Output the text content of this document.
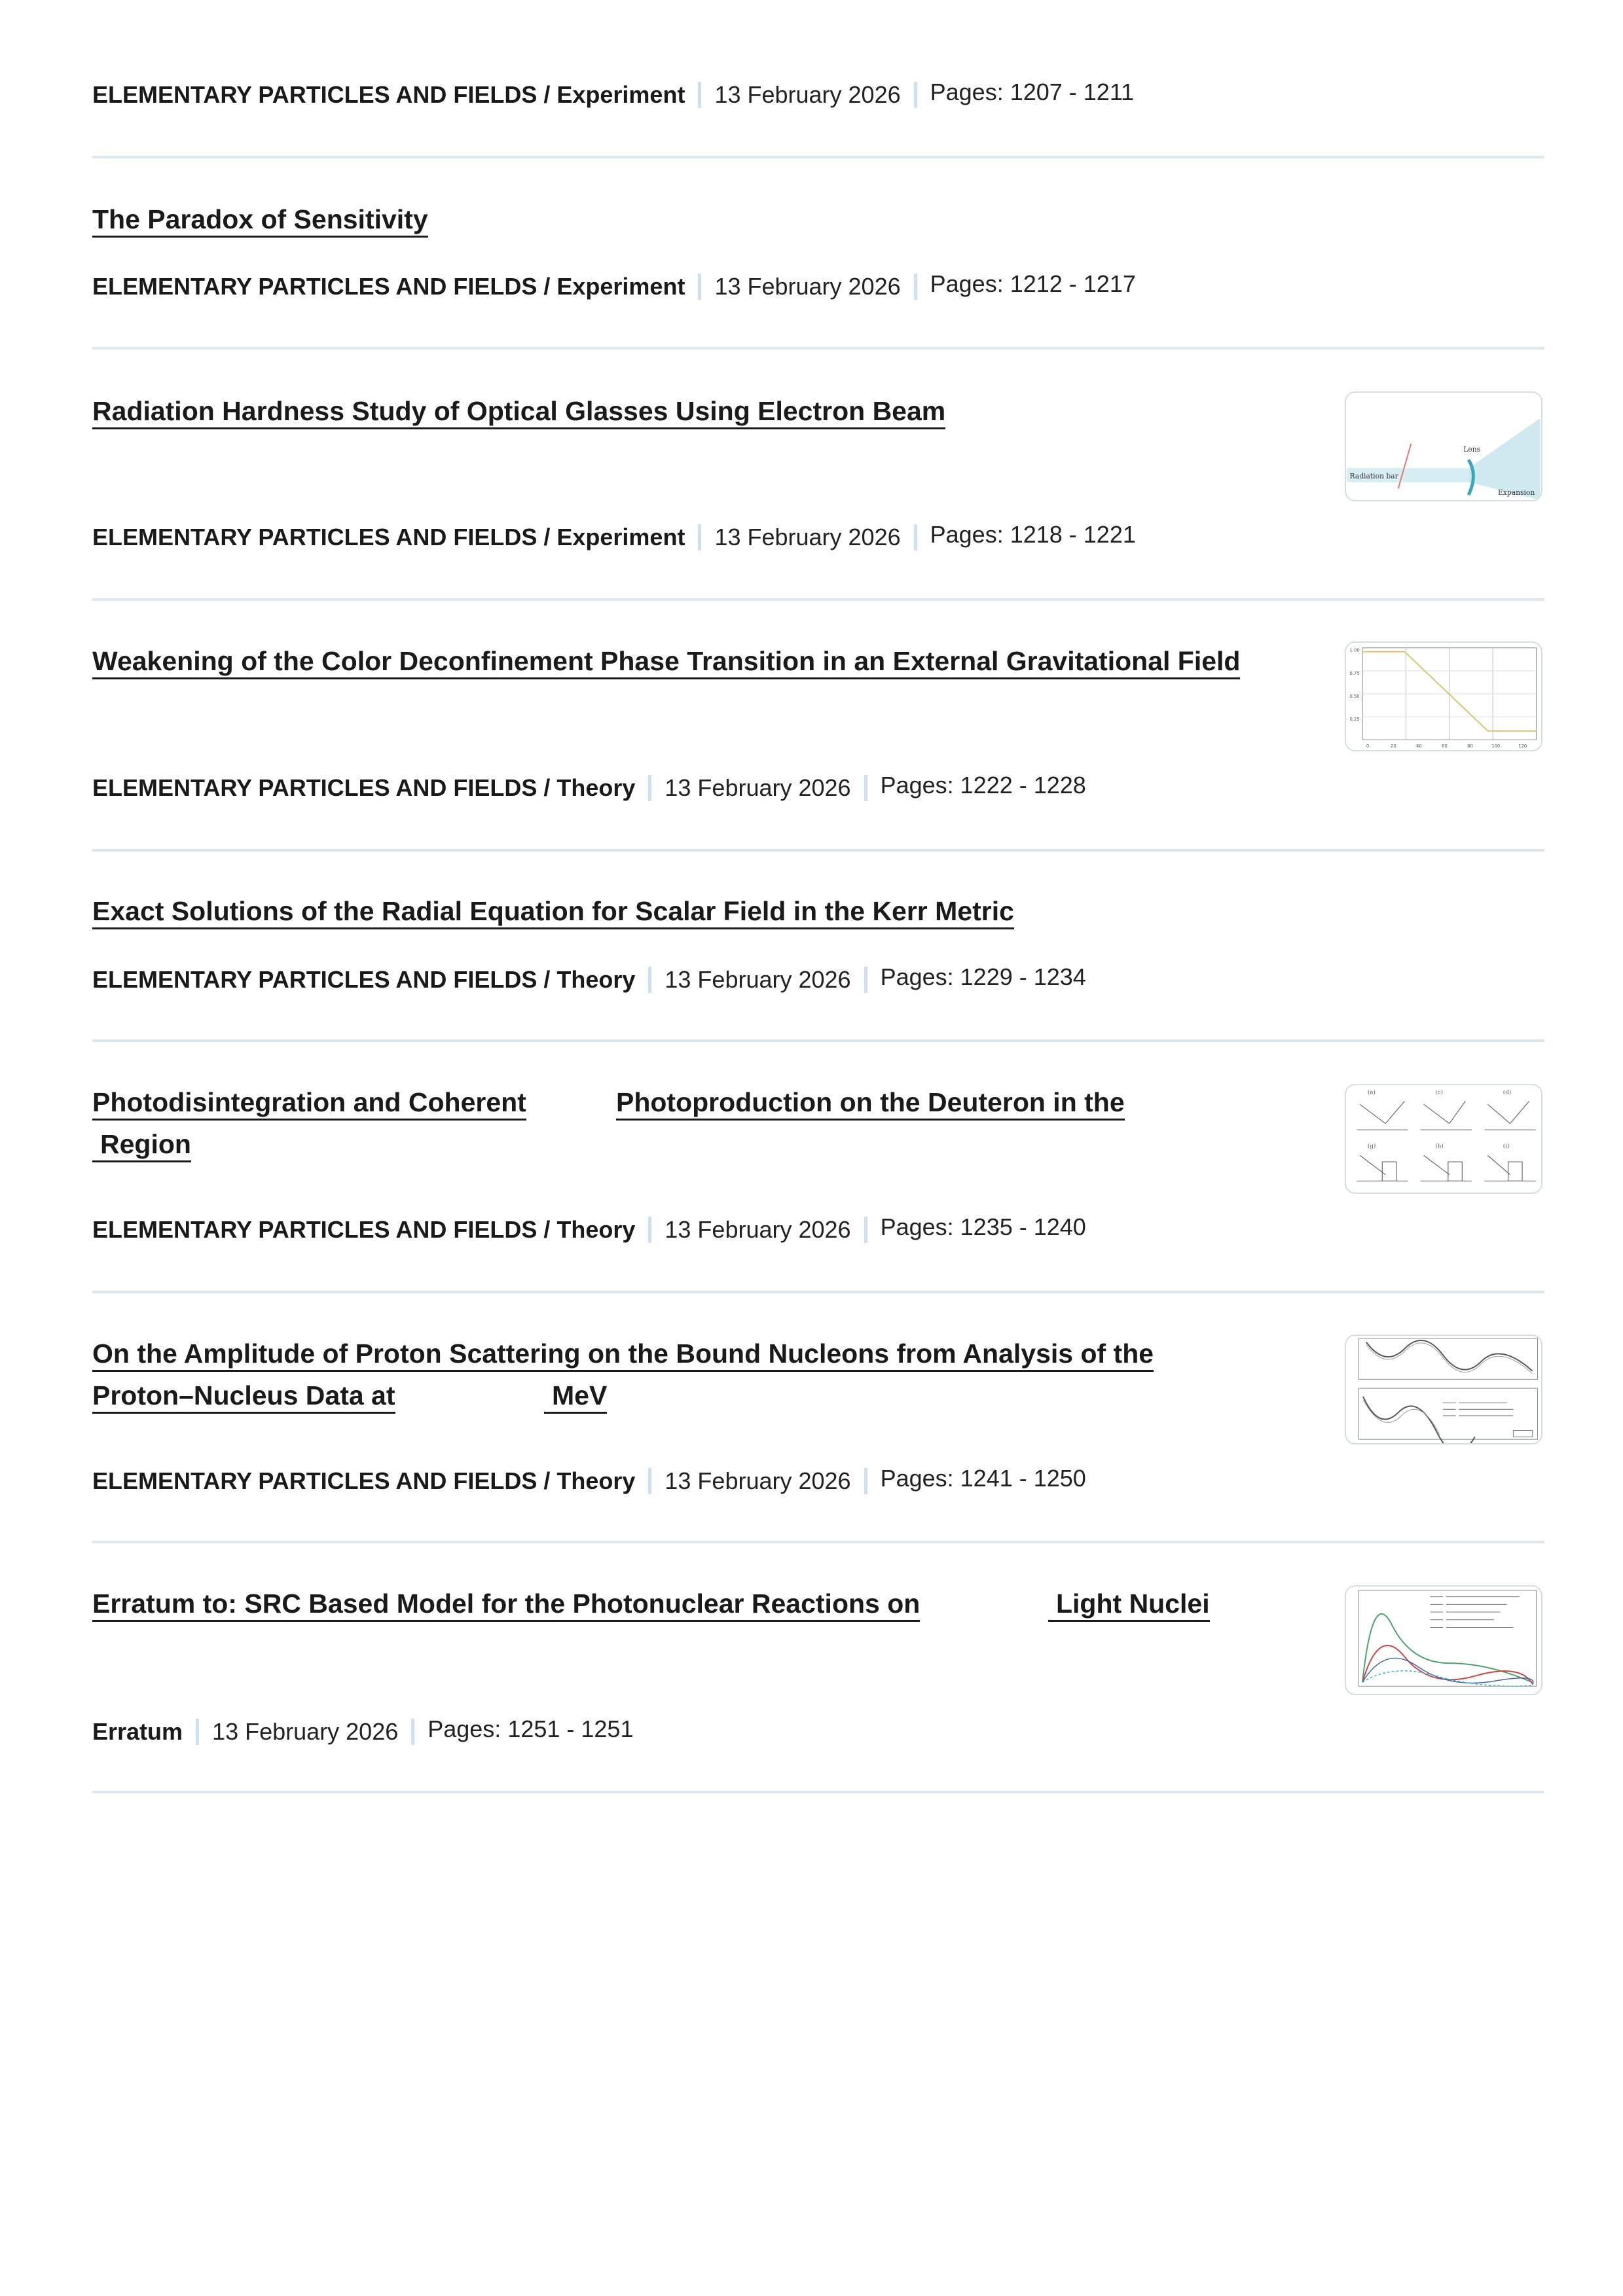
ELEMENTARY PARTICLES AND FIELDS / Experiment 13 February 2026 Pages: 1207 - 1211
The Paradox of Sensitivity
ELEMENTARY PARTICLES AND FIELDS / Experiment 13 February 2026 Pages: 1212 - 1217
Radiation Hardness Study of Optical Glasses Using Electron Beam
Radiation bar
Lens
Expansion
ELEMENTARY PARTICLES AND FIELDS / Experiment 13 February 2026 Pages: 1218 - 1221
Weakening of the Color Deconfinement Phase Transition in an External Gravitational Field	1.00
0.75
0.50
0.25
0	20	40	60	80	100	120
ELEMENTARY PARTICLES AND FIELDS / Theory 13 February 2026 Pages: 1222 - 1228
Exact Solutions of the Radial Equation for Scalar Field in the Kerr Metric
ELEMENTARY PARTICLES AND FIELDS / Theory 13 February 2026 Pages: 1229 - 1234
Photodisintegration and Coherent	Photoproduction on the Deuteron in the
Region
(a)	(c)	(d)
(g)	(h)	(i)
ELEMENTARY PARTICLES AND FIELDS / Theory 13 February 2026 Pages: 1235 - 1240
On the Amplitude of Proton Scattering on the Bound Nucleons from Analysis of the
Proton–Nucleus Data at	MeV
ELEMENTARY PARTICLES AND FIELDS / Theory 13 February 2026 Pages: 1241 - 1250
Erratum to: SRC Based Model for the Photonuclear Reactions on	Light Nuclei
Erratum 13 February 2026 Pages: 1251 - 1251
